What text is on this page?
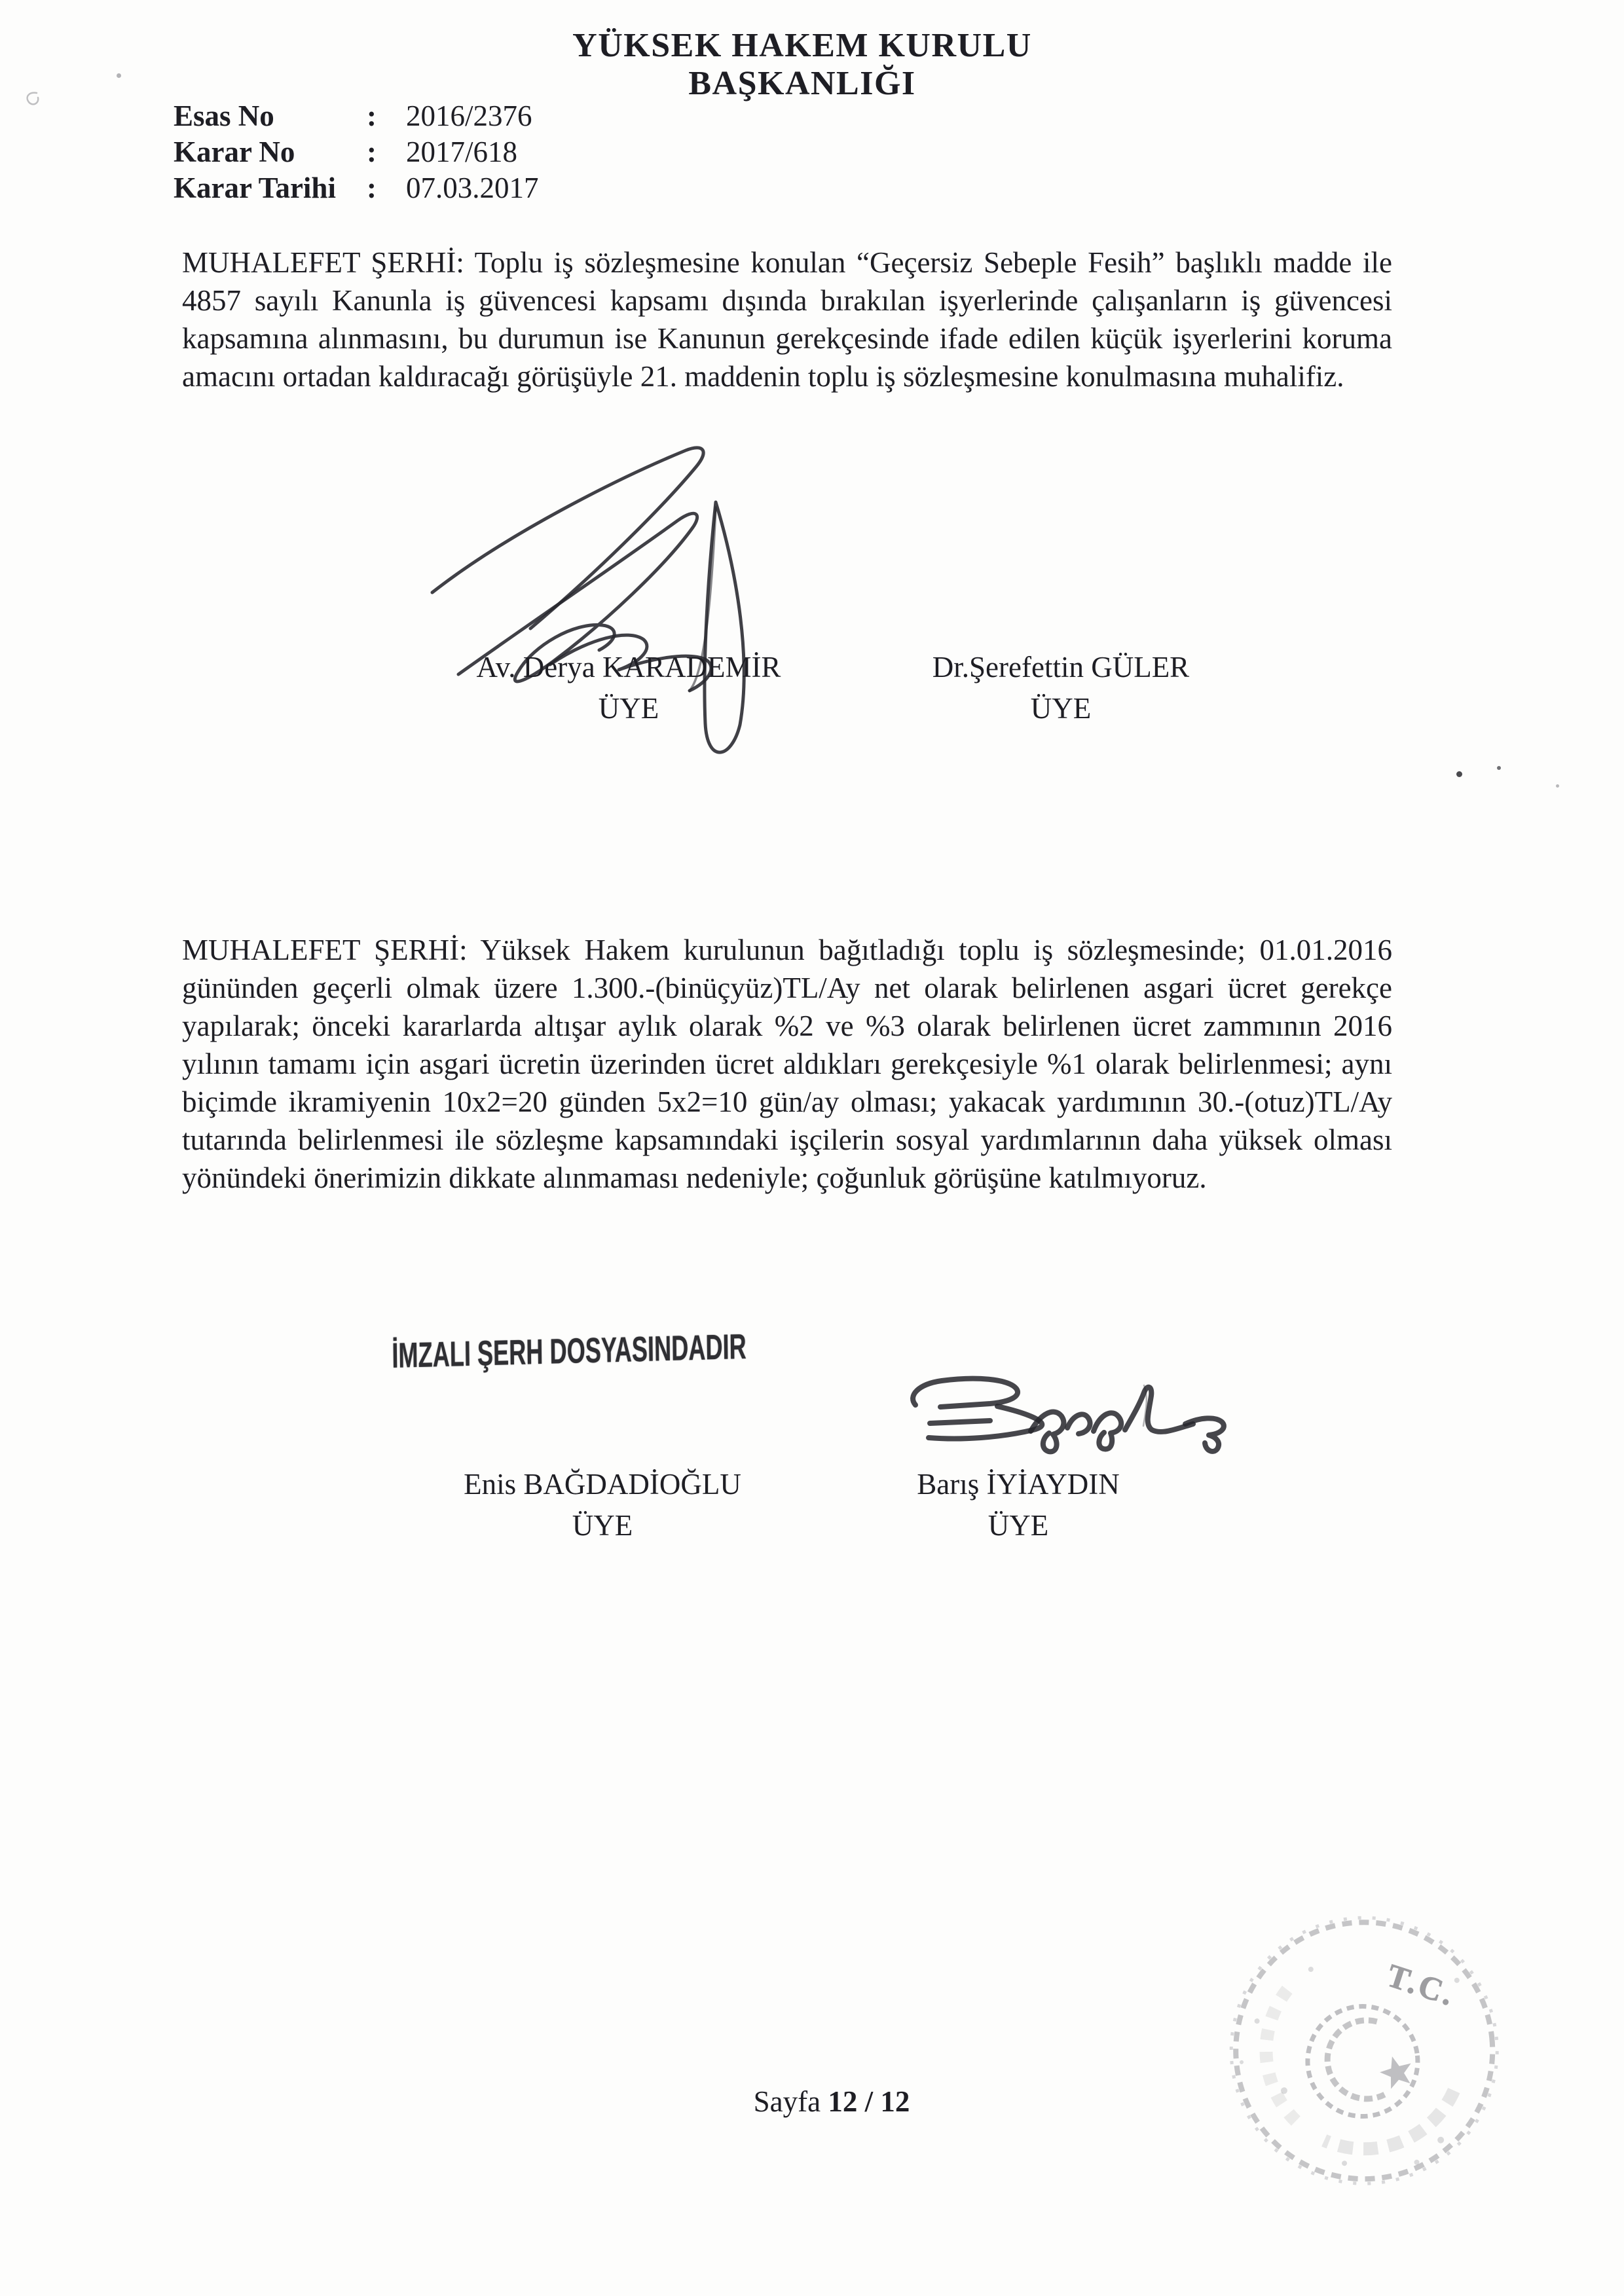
YÜKSEK HAKEM KURULU
BAŞKANLIĞI
Esas No	:	2016/2376
Karar No	:	2017/618
Karar Tarihi	:	07.03.2017

MUHALEFET ŞERHİ: Toplu iş sözleşmesine konulan “Geçersiz Sebeple Fesih” başlıklı madde ile 4857 sayılı Kanunla iş güvencesi kapsamı dışında bırakılan işyerlerinde çalışanların iş güvencesi kapsamına alınmasını, bu durumun ise Kanunun gerekçesinde ifade edilen küçük işyerlerini koruma amacını ortadan kaldıracağı görüşüyle 21. maddenin toplu iş sözleşmesine konulmasına muhalifiz.

Av. Derya KARADEMİR
ÜYE
Dr.Şerefettin GÜLER
ÜYE

MUHALEFET ŞERHİ: Yüksek Hakem kurulunun bağıtladığı toplu iş sözleşmesinde; 01.01.2016 gününden geçerli olmak üzere 1.300.-(binüçyüz)TL/Ay net olarak belirlenen asgari ücret gerekçe yapılarak; önceki kararlarda altışar aylık olarak %2 ve %3 olarak belirlenen ücret zammının 2016 yılının tamamı için asgari ücretin üzerinden ücret aldıkları gerekçesiyle %1 olarak belirlenmesi; aynı biçimde ikramiyenin 10x2=20 günden 5x2=10 gün/ay olması; yakacak yardımının 30.-(otuz)TL/Ay tutarında belirlenmesi ile sözleşme kapsamındaki işçilerin sosyal yardımlarının daha yüksek olması yönündeki önerimizin dikkate alınmaması nedeniyle; çoğunluk görüşüne katılmıyoruz.

İMZALI ŞERH DOSYASINDADIR
Enis BAĞDADİOĞLU
ÜYE
Barış İYİAYDIN
ÜYE
T.C.
Sayfa 12 / 12
